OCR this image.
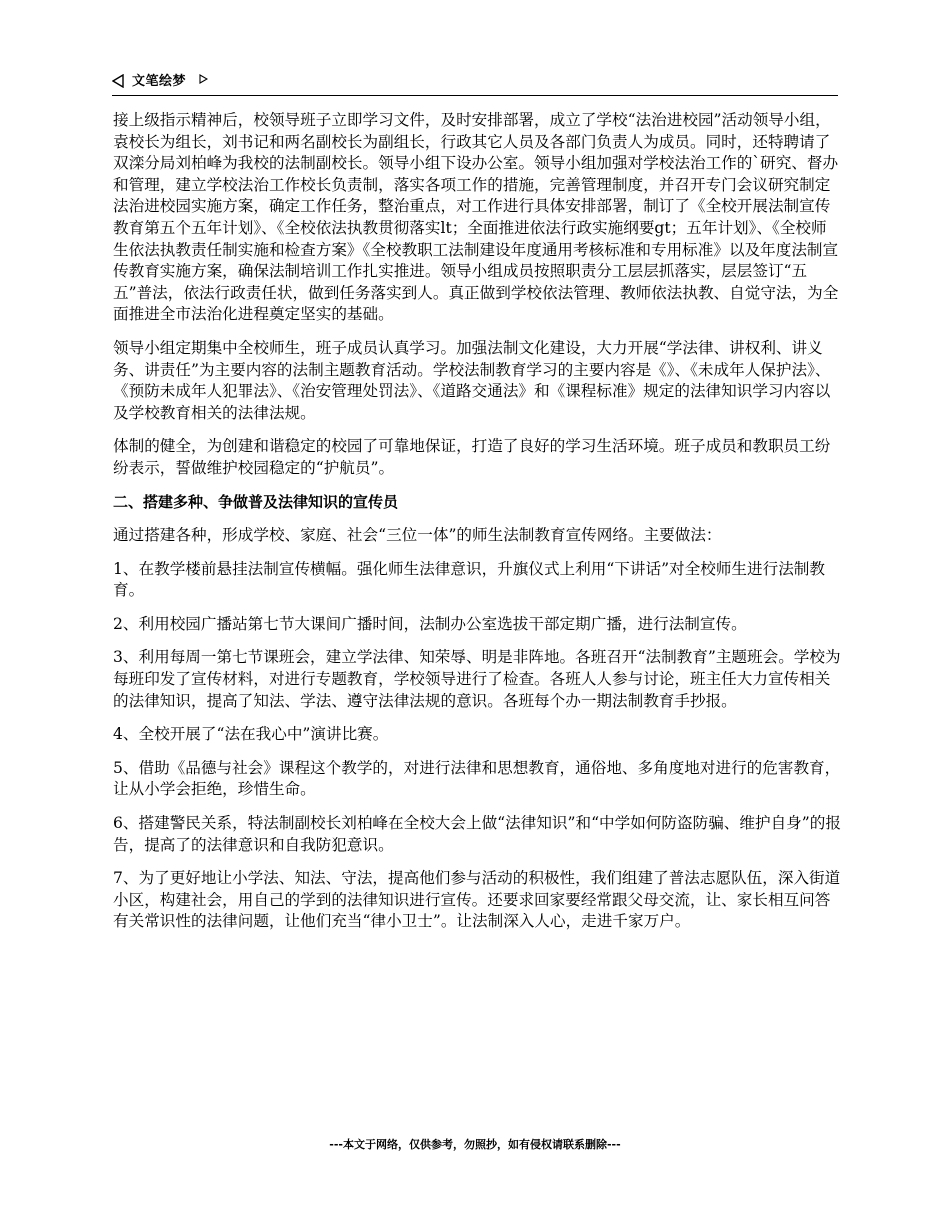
文笔绘梦

接上级指示精神后，校领导班子立即学习文件，及时安排部署，成立了学校“法治进校园”活动领导小组，袁校长为组长，刘书记和两名副校长为副组长，行政其它人员及各部门负责人为成员。同时，还特聘请了双滦分局刘柏峰为我校的法制副校长。领导小组下设办公室。领导小组加强对学校法治工作的`研究、督办和管理，建立学校法治工作校长负责制，落实各项工作的措施，完善管理制度，并召开专门会议研究制定法治进校园实施方案，确定工作任务，整治重点，对工作进行具体安排部署，制订了《全校开展法制宣传教育第五个五年计划》、《全校依法执教贯彻落实lt；全面推进依法行政实施纲要gt；五年计划》、《全校师生依法执教责任制实施和检查方案》《全校教职工法制建设年度通用考核标准和专用标准》以及年度法制宣传教育实施方案，确保法制培训工作扎实推进。领导小组成员按照职责分工层层抓落实，层层签订“五五”普法，依法行政责任状，做到任务落实到人。真正做到学校依法管理、教师依法执教、自觉守法，为全面推进全市法治化进程奠定坚实的基础。

领导小组定期集中全校师生，班子成员认真学习。加强法制文化建设，大力开展“学法律、讲权利、讲义务、讲责任”为主要内容的法制主题教育活动。学校法制教育学习的主要内容是《》、《未成年人保护法》、《预防未成年人犯罪法》、《治安管理处罚法》、《道路交通法》和《课程标准》规定的法律知识学习内容以及学校教育相关的法律法规。

体制的健全，为创建和谐稳定的校园了可靠地保证，打造了良好的学习生活环境。班子成员和教职员工纷纷表示，誓做维护校园稳定的“护航员”。

二、搭建多种、争做普及法律知识的宣传员

通过搭建各种，形成学校、家庭、社会“三位一体”的师生法制教育宣传网络。主要做法：

1、在教学楼前悬挂法制宣传横幅。强化师生法律意识，升旗仪式上利用“下讲话”对全校师生进行法制教育。

2、利用校园广播站第七节大课间广播时间，法制办公室选拔干部定期广播，进行法制宣传。

3、利用每周一第七节课班会，建立学法律、知荣辱、明是非阵地。各班召开“法制教育”主题班会。学校为每班印发了宣传材料，对进行专题教育，学校领导进行了检查。各班人人参与讨论，班主任大力宣传相关的法律知识，提高了知法、学法、遵守法律法规的意识。各班每个办一期法制教育手抄报。

4、全校开展了“法在我心中”演讲比赛。

5、借助《品德与社会》课程这个教学的，对进行法律和思想教育，通俗地、多角度地对进行的危害教育，让从小学会拒绝，珍惜生命。

6、搭建警民关系，特法制副校长刘柏峰在全校大会上做“法律知识”和“中学如何防盗防骗、维护自身”的报告，提高了的法律意识和自我防犯意识。

7、为了更好地让小学法、知法、守法，提高他们参与活动的积极性，我们组建了普法志愿队伍，深入街道小区，构建社会，用自己的学到的法律知识进行宣传。还要求回家要经常跟父母交流，让、家长相互问答有关常识性的法律问题，让他们充当“律小卫士”。让法制深入人心，走进千家万户。

---本文于网络，仅供参考，勿照抄，如有侵权请联系删除---
